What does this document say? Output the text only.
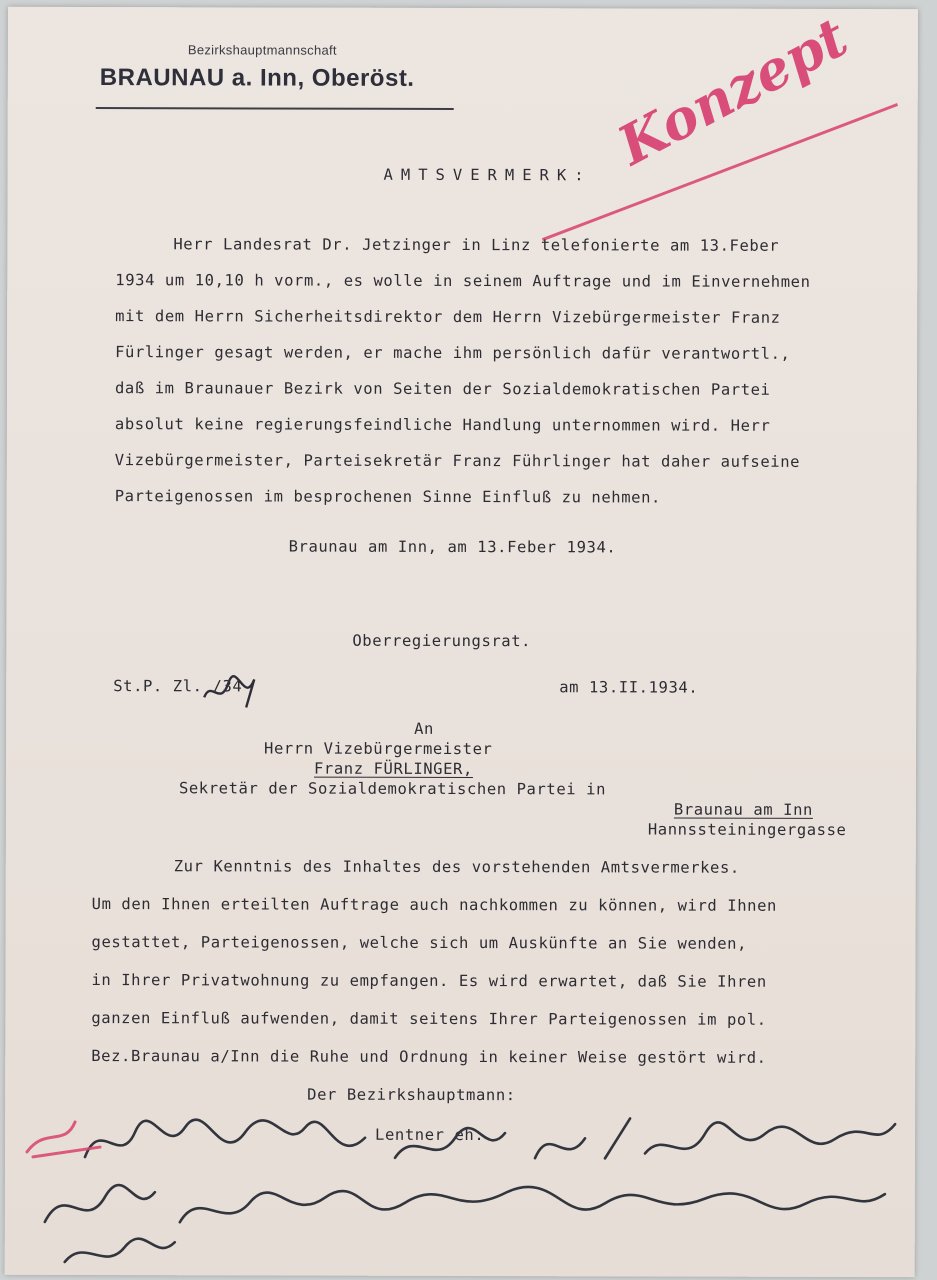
Bezirkshauptmannschaft
BRAUNAU a. Inn, Oberöst.	Konzept
AMTSVERMERK:
Herr Landesrat Dr. Jetzinger in Linz telefonierte am 13.Feber
1934 um 10,10 h vorm., es wolle in seinem Auftrage und im Einvernehmen
mit dem Herrn Sicherheitsdirektor dem Herrn Vizebürgermeister Franz
Fürlinger gesagt werden, er mache ihm persönlich dafür verantwortl.,
daß im Braunauer Bezirk von Seiten der Sozialdemokratischen Partei
absolut keine regierungsfeindliche Handlung unternommen wird. Herr
Vizebürgermeister, Parteisekretär Franz Führlinger hat daher aufseine
Parteigenossen im besprochenen Sinne Einfluß zu nehmen.
Braunau am Inn, am 13.Feber 1934.
Oberregierungsrat.
St.P. Zl. /34	am 13.II.1934.
An
Herrn Vizebürgermeister
Franz FÜRLINGER,
Sekretär der Sozialdemokratischen Partei in
Braunau am Inn
Hannssteiningergasse
Zur Kenntnis des Inhaltes des vorstehenden Amtsvermerkes.
Um den Ihnen erteilten Auftrage auch nachkommen zu können, wird Ihnen
gestattet, Parteigenossen, welche sich um Auskünfte an Sie wenden,
in Ihrer Privatwohnung zu empfangen. Es wird erwartet, daß Sie Ihren
ganzen Einfluß aufwenden, damit seitens Ihrer Parteigenossen im pol.
Bez.Braunau a/Inn die Ruhe und Ordnung in keiner Weise gestört wird.
Der Bezirkshauptmann:
Lentner eh.
